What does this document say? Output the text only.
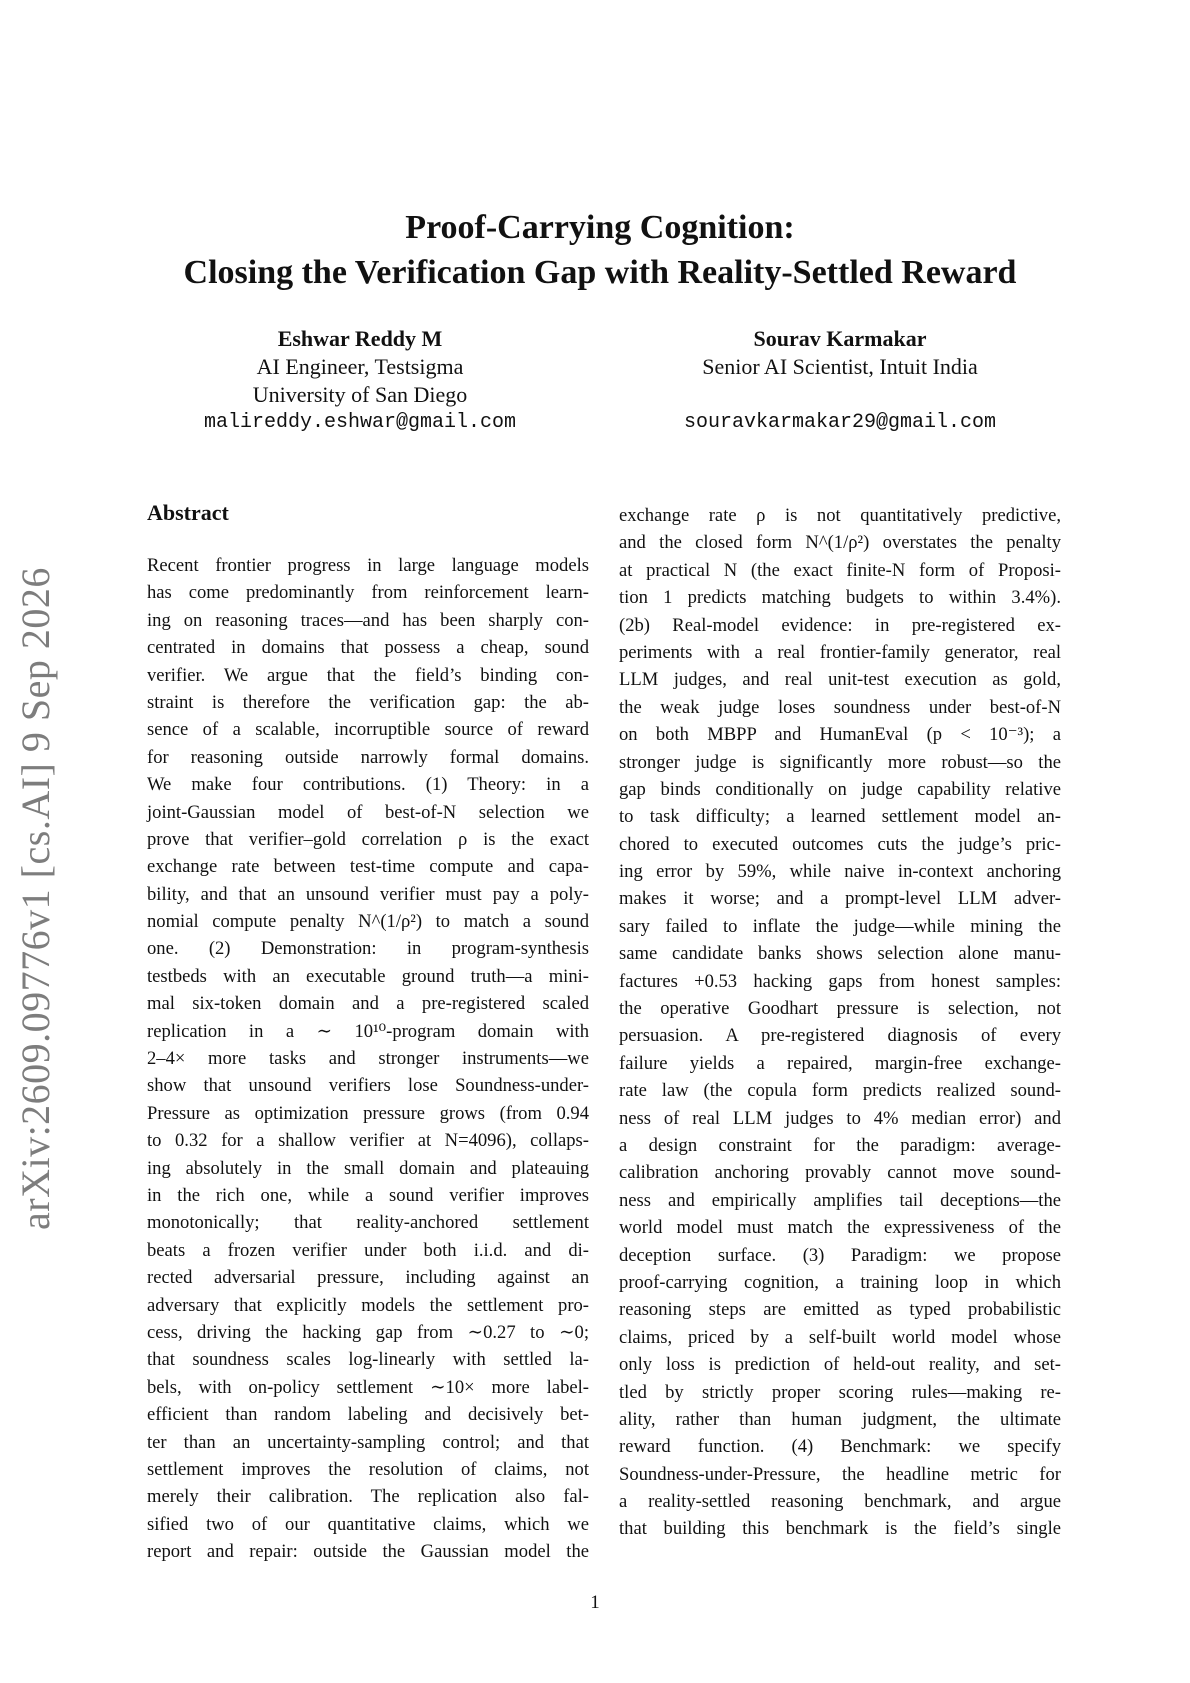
arXiv:2609.09776v1 [cs.AI] 9 Sep 2026
Proof-Carrying Cognition:
Closing the Verification Gap with Reality-Settled Reward
Eshwar Reddy M
AI Engineer, Testsigma
University of San Diego
malireddy.eshwar@gmail.com
Sourav Karmakar
Senior AI Scientist, Intuit India
souravkarmakar29@gmail.com
Abstract
Recent frontier progress in large language models
has come predominantly from reinforcement learn-
ing on reasoning traces—and has been sharply con-
centrated in domains that possess a cheap, sound
verifier. We argue that the field’s binding con-
straint is therefore the verification gap: the ab-
sence of a scalable, incorruptible source of reward
for reasoning outside narrowly formal domains.
We make four contributions. (1) Theory: in a
joint-Gaussian model of best-of-N selection we
prove that verifier–gold correlation ρ is the exact
exchange rate between test-time compute and capa-
bility, and that an unsound verifier must pay a poly-
nomial compute penalty N^(1/ρ²) to match a sound
one. (2) Demonstration: in program-synthesis
testbeds with an executable ground truth—a mini-
mal six-token domain and a pre-registered scaled
replication in a ∼ 10¹⁰-program domain with
2–4× more tasks and stronger instruments—we
show that unsound verifiers lose Soundness-under-
Pressure as optimization pressure grows (from 0.94
to 0.32 for a shallow verifier at N=4096), collaps-
ing absolutely in the small domain and plateauing
in the rich one, while a sound verifier improves
monotonically; that reality-anchored settlement
beats a frozen verifier under both i.i.d. and di-
rected adversarial pressure, including against an
adversary that explicitly models the settlement pro-
cess, driving the hacking gap from ∼0.27 to ∼0;
that soundness scales log-linearly with settled la-
bels, with on-policy settlement ∼10× more label-
efficient than random labeling and decisively bet-
ter than an uncertainty-sampling control; and that
settlement improves the resolution of claims, not
merely their calibration. The replication also fal-
sified two of our quantitative claims, which we
report and repair: outside the Gaussian model the
exchange rate ρ is not quantitatively predictive,
and the closed form N^(1/ρ²) overstates the penalty
at practical N (the exact finite-N form of Proposi-
tion 1 predicts matching budgets to within 3.4%).
(2b) Real-model evidence: in pre-registered ex-
periments with a real frontier-family generator, real
LLM judges, and real unit-test execution as gold,
the weak judge loses soundness under best-of-N
on both MBPP and HumanEval (p < 10⁻³); a
stronger judge is significantly more robust—so the
gap binds conditionally on judge capability relative
to task difficulty; a learned settlement model an-
chored to executed outcomes cuts the judge’s pric-
ing error by 59%, while naive in-context anchoring
makes it worse; and a prompt-level LLM adver-
sary failed to inflate the judge—while mining the
same candidate banks shows selection alone manu-
factures +0.53 hacking gaps from honest samples:
the operative Goodhart pressure is selection, not
persuasion. A pre-registered diagnosis of every
failure yields a repaired, margin-free exchange-
rate law (the copula form predicts realized sound-
ness of real LLM judges to 4% median error) and
a design constraint for the paradigm: average-
calibration anchoring provably cannot move sound-
ness and empirically amplifies tail deceptions—the
world model must match the expressiveness of the
deception surface. (3) Paradigm: we propose
proof-carrying cognition, a training loop in which
reasoning steps are emitted as typed probabilistic
claims, priced by a self-built world model whose
only loss is prediction of held-out reality, and set-
tled by strictly proper scoring rules—making re-
ality, rather than human judgment, the ultimate
reward function. (4) Benchmark: we specify
Soundness-under-Pressure, the headline metric for
a reality-settled reasoning benchmark, and argue
that building this benchmark is the field’s single
1
